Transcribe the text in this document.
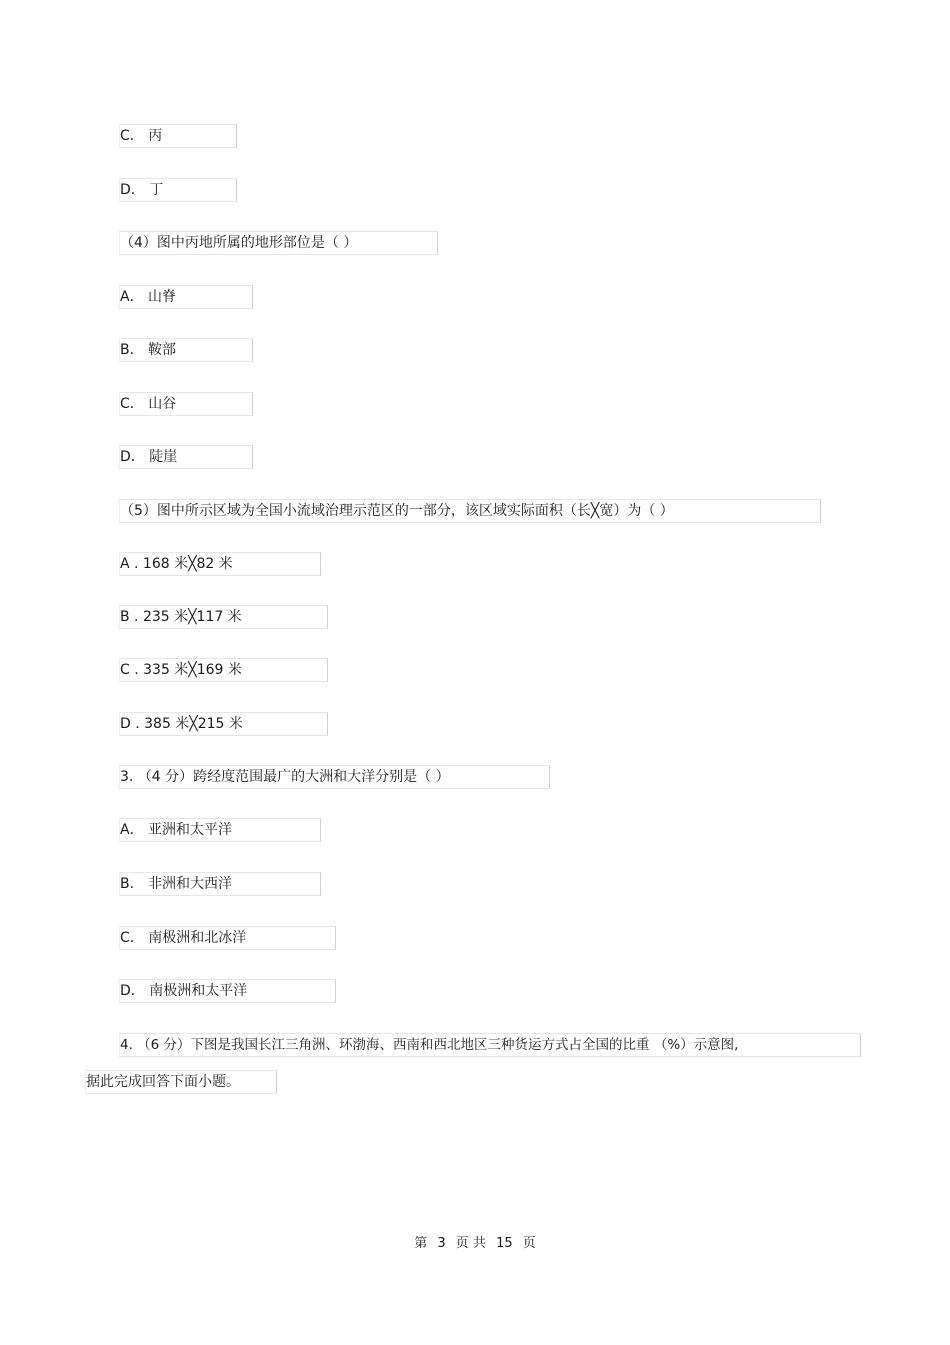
C． 丙
D． 丁
（4）图中丙地所属的地形部位是（ ）
A． 山脊
B． 鞍部
C． 山谷
D． 陡崖
（5）图中所示区域为全国小流域治理示范区的一部分，该区域实际面积（长╳宽）为（ ）
A . 168 米╳82 米
B . 235 米╳117 米
C . 335 米╳169 米
D . 385 米╳215 米
3. （4 分）跨经度范围最广的大洲和大洋分别是（ ）
A． 亚洲和太平洋
B． 非洲和大西洋
C． 南极洲和北冰洋
D． 南极洲和太平洋
4. （6 分）下图是我国长江三角洲、环渤海、西南和西北地区三种货运方式占全国的比重 （%）示意图,
据此完成回答下面小题。
第 3 页 共 15 页
